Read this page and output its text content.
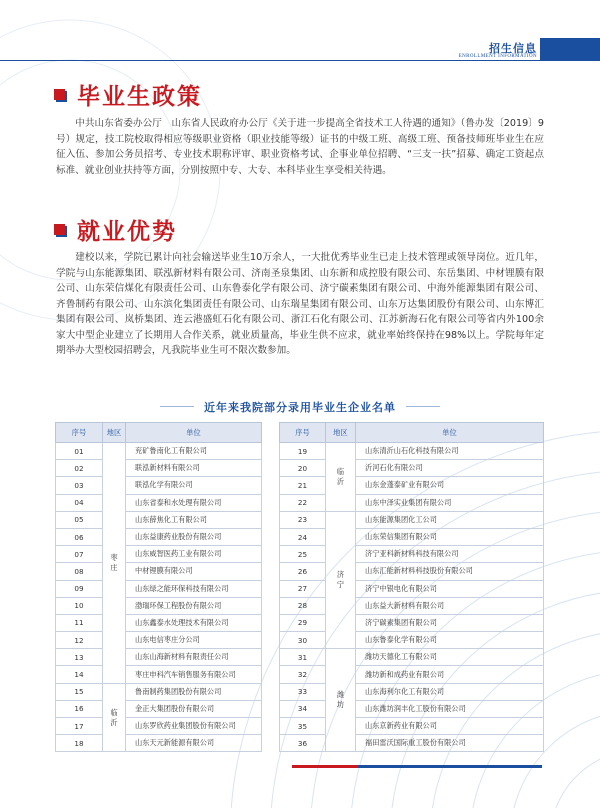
招生信息
ENROLLMENT INFORMATION
毕业生政策
中共山东省委办公厅　山东省人民政府办公厅《关于进一步提高全省技术工人待遇的通知》（鲁办发〔2019〕9号）规定，技工院校取得相应等级职业资格（职业技能等级）证书的中级工班、高级工班、预备技师班毕业生在应征入伍、参加公务员招考、专业技术职称评审、职业资格考试、企事业单位招聘、“三支一扶”招募、确定工资起点标准、就业创业扶持等方面，分别按照中专、大专、本科毕业生享受相关待遇。
就业优势
建校以来，学院已累计向社会输送毕业生10万余人，一大批优秀毕业生已走上技术管理或领导岗位。近几年，学院与山东能源集团、联泓新材料有限公司、济南圣泉集团、山东新和成控股有限公司、东岳集团、中材锂膜有限公司、山东荣信煤化有限责任公司、山东鲁泰化学有限公司、济宁碳素集团有限公司、中海外能源集团有限公司、齐鲁制药有限公司、山东滨化集团责任有限公司、山东瑞星集团有限公司、山东万达集团股份有限公司、山东博汇集团有限公司、岚桥集团、连云港盛虹石化有限公司、浙江石化有限公司、江苏新海石化有限公司等省内外100余家大中型企业建立了长期用人合作关系，就业质量高，毕业生供不应求，就业率始终保持在98%以上。学院每年定期举办大型校园招聘会，凡我院毕业生可不限次数参加。
近年来我院部分录用毕业生企业名单
序号	地区	单位
01	枣庄	兖矿鲁南化工有限公司
02		联泓新材料有限公司
03		联泓化学有限公司
04		山东省泰和水处理有限公司
05		山东薛焦化工有限公司
06		山东益康药业股份有限公司
07		山东威智医药工业有限公司
08		中材锂膜有限公司
09		山东绿之能环保科技有限公司
10		渤瑞环保工程股份有限公司
11		山东鑫泰水处理技术有限公司
12		山东电信枣庄分公司
13		山东山海新材料有限责任公司
14		枣庄申科汽车销售服务有限公司
15	临沂	鲁南制药集团股份有限公司
16		金正大集团股份有限公司
17		山东罗欣药业集团股份有限公司
18		山东天元新能源有限公司
序号	地区	单位
19	临沂	山东清沂山石化科技有限公司
20		沂河石化有限公司
21		山东金蓬泰矿业有限公司
22		山东中泽实业集团有限公司
23	济宁	山东能源集团化工公司
24		山东荣信集团有限公司
25		济宁亚科新材料科技有限公司
26		山东汇能新材料科技股份有限公司
27		济宁中银电化有限公司
28		山东益大新材料有限公司
29		济宁碳素集团有限公司
30		山东鲁泰化学有限公司
31	潍坊	潍坊天德化工有限公司
32		潍坊新和成药业有限公司
33		山东海利尔化工有限公司
34		山东潍坊润丰化工股份有限公司
35		山东京新药业有限公司
36		福田雷沃国际重工股份有限公司
